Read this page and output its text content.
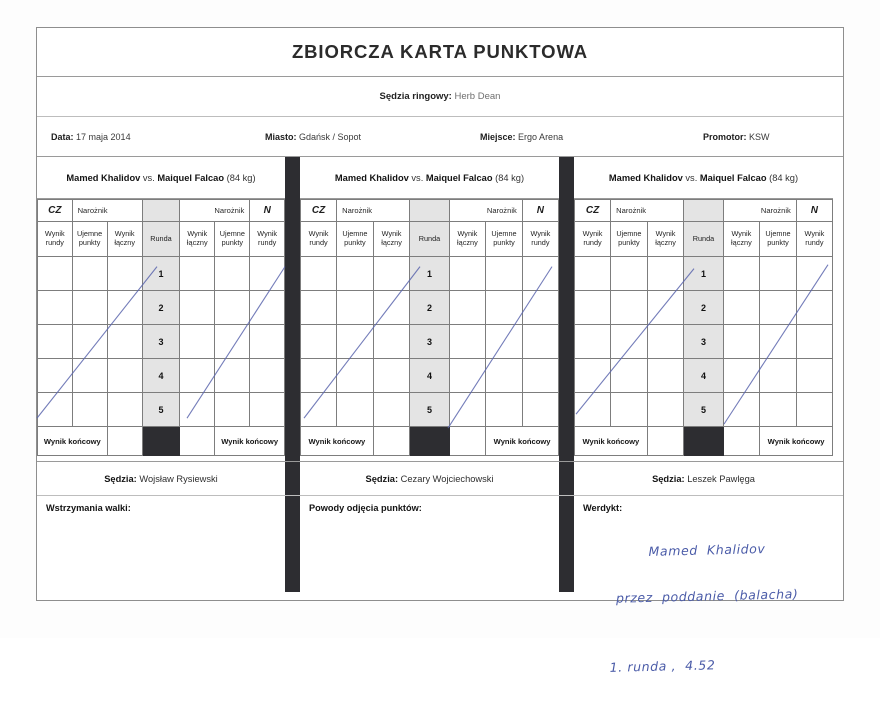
ZBIORCZA KARTA PUNKTOWA
Sędzia ringowy: Herb Dean
Data: 17 maja 2014	Miasto: Gdańsk / Sopot	Miejsce: Ergo Arena	Promotor: KSW
Mamed Khalidov vs. Maiquel Falcao (84 kg)
CZ	Narożnik			Narożnik		N
Wynik rundy	Ujemne punkty	Wynik łączny	Runda	Wynik łączny	Ujemne punkty	Wynik rundy
			1			
			2			
			3			
			4			
			5			
Wynik końcowy					Wynik końcowy	
Mamed Khalidov vs. Maiquel Falcao (84 kg)
CZ	Narożnik			Narożnik		N
Wynik rundy	Ujemne punkty	Wynik łączny	Runda	Wynik łączny	Ujemne punkty	Wynik rundy
			1			
			2			
			3			
			4			
			5			
Wynik końcowy					Wynik końcowy	
Mamed Khalidov vs. Maiquel Falcao (84 kg)
CZ	Narożnik			Narożnik		N
Wynik rundy	Ujemne punkty	Wynik łączny	Runda	Wynik łączny	Ujemne punkty	Wynik rundy
			1			
			2			
			3			
			4			
			5			
Wynik końcowy					Wynik końcowy	
Sędzia: Wojsław Rysiewski	Sędzia: Cezary Wojciechowski	Sędzia: Leszek Pawlęga
Wstrzymania walki:	Powody odjęcia punktów:	Werdykt:

Mamed  Khalidov

przez  poddanie  (balacha)

1. runda ,  4.52
